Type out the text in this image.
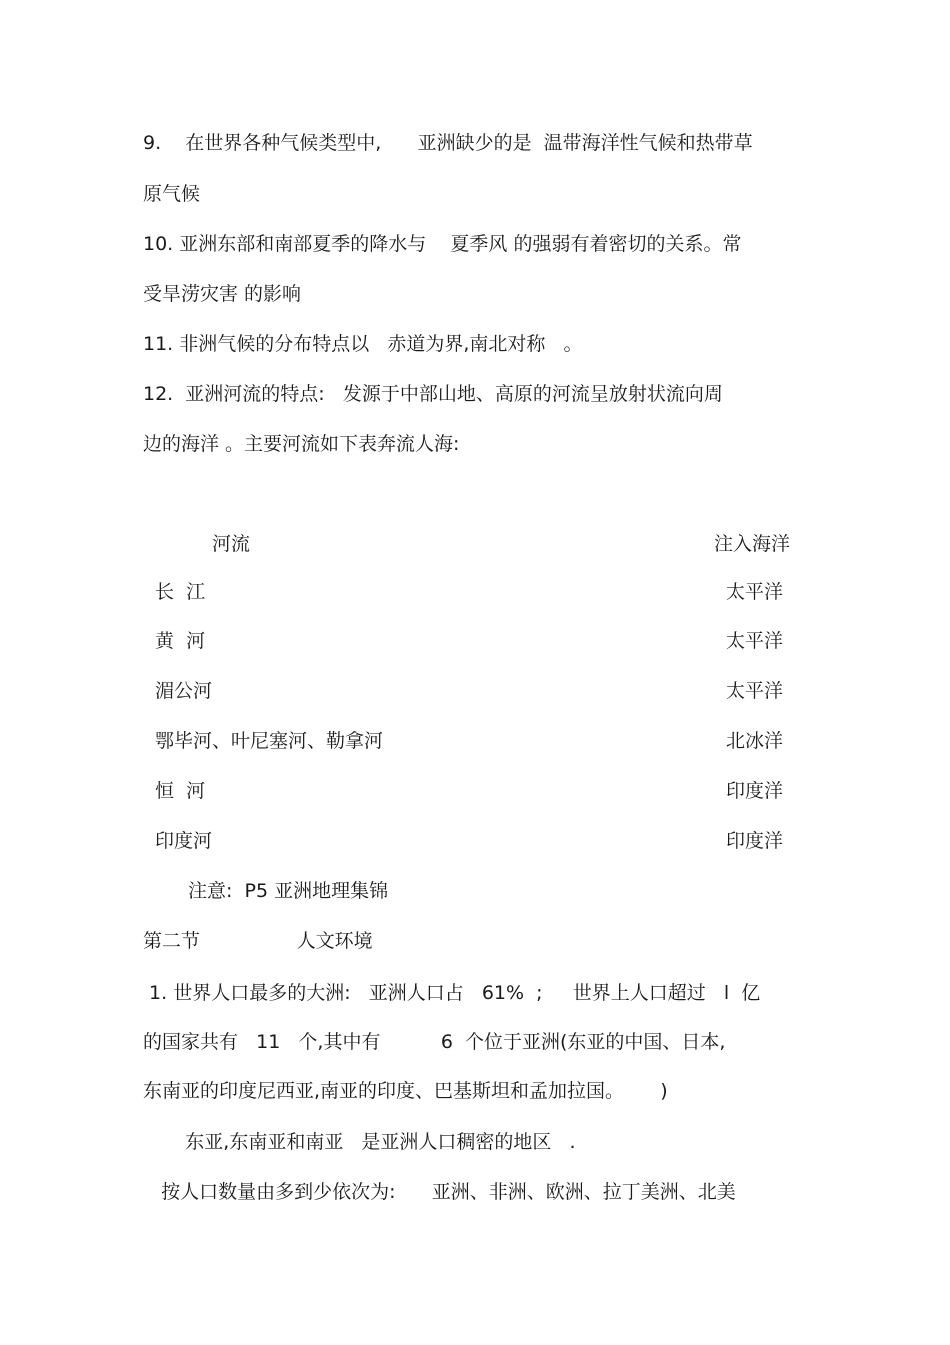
9.    在世界各种气候类型中,      亚洲缺少的是  温带海洋性气候和热带草
原气候
10. 亚洲东部和南部夏季的降水与    夏季风 的强弱有着密切的关系。常
受旱涝灾害 的影响
11. 非洲气候的分布特点以   赤道为界,南北对称   。
12.  亚洲河流的特点:   发源于中部山地、高原的河流呈放射状流向周
边的海洋 。主要河流如下表奔流人海:
河流	注入海洋
长  江	太平洋
黄  河	太平洋
湄公河	太平洋
鄂毕河、叶尼塞河、勒拿河	北冰洋
恒  河	印度洋
印度河	印度洋
注意:  P5 亚洲地理集锦
第二节                人文环境
1. 世界人口最多的大洲:   亚洲人口占   61%  ;     世界上人口超过   l  亿
的国家共有   11   个,其中有          6  个位于亚洲(东亚的中国、日本,
东南亚的印度尼西亚,南亚的印度、巴基斯坦和孟加拉国。      )
东亚,东南亚和南亚   是亚洲人口稠密的地区   .
按人口数量由多到少依次为:      亚洲、非洲、欧洲、拉丁美洲、北美
